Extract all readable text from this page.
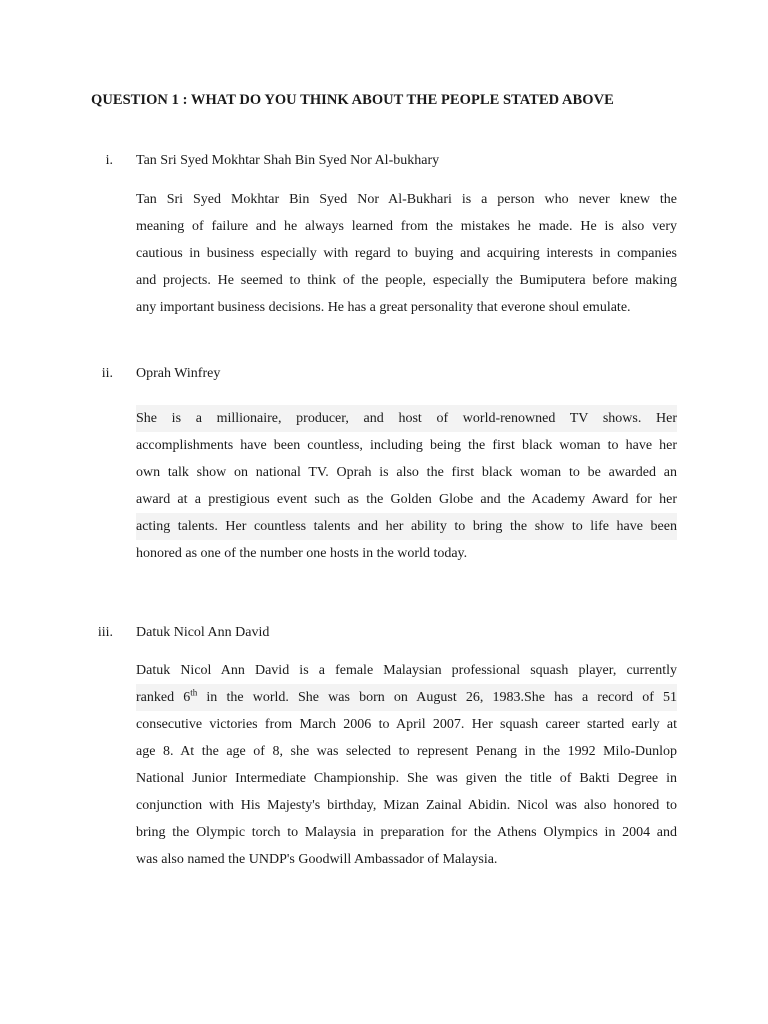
QUESTION 1 : WHAT DO YOU THINK ABOUT THE PEOPLE STATED ABOVE
i. Tan Sri Syed Mokhtar Shah Bin Syed Nor Al-bukhary
Tan Sri Syed Mokhtar Bin Syed Nor Al-Bukhari is a person who never knew the
meaning of failure and he always learned from the mistakes he made. He is also very
cautious in business especially with regard to buying and acquiring interests in companies
and projects. He seemed to think of the people, especially the Bumiputera before making
any important business decisions. He has a great personality that everone shoul emulate.
ii. Oprah Winfrey
She is a millionaire, producer, and host of world-renowned TV shows. Her
accomplishments have been countless, including being the first black woman to have her
own talk show on national TV. Oprah is also the first black woman to be awarded an
award at a prestigious event such as the Golden Globe and the Academy Award for her
acting talents. Her countless talents and her ability to bring the show to life have been
honored as one of the number one hosts in the world today.
iii. Datuk Nicol Ann David
Datuk Nicol Ann David is a female Malaysian professional squash player, currently
ranked 6th in the world. She was born on August 26, 1983.She has a record of 51
consecutive victories from March 2006 to April 2007. Her squash career started early at
age 8. At the age of 8, she was selected to represent Penang in the 1992 Milo-Dunlop
National Junior Intermediate Championship. She was given the title of Bakti Degree in
conjunction with His Majesty's birthday, Mizan Zainal Abidin. Nicol was also honored to
bring the Olympic torch to Malaysia in preparation for the Athens Olympics in 2004 and
was also named the UNDP's Goodwill Ambassador of Malaysia.
